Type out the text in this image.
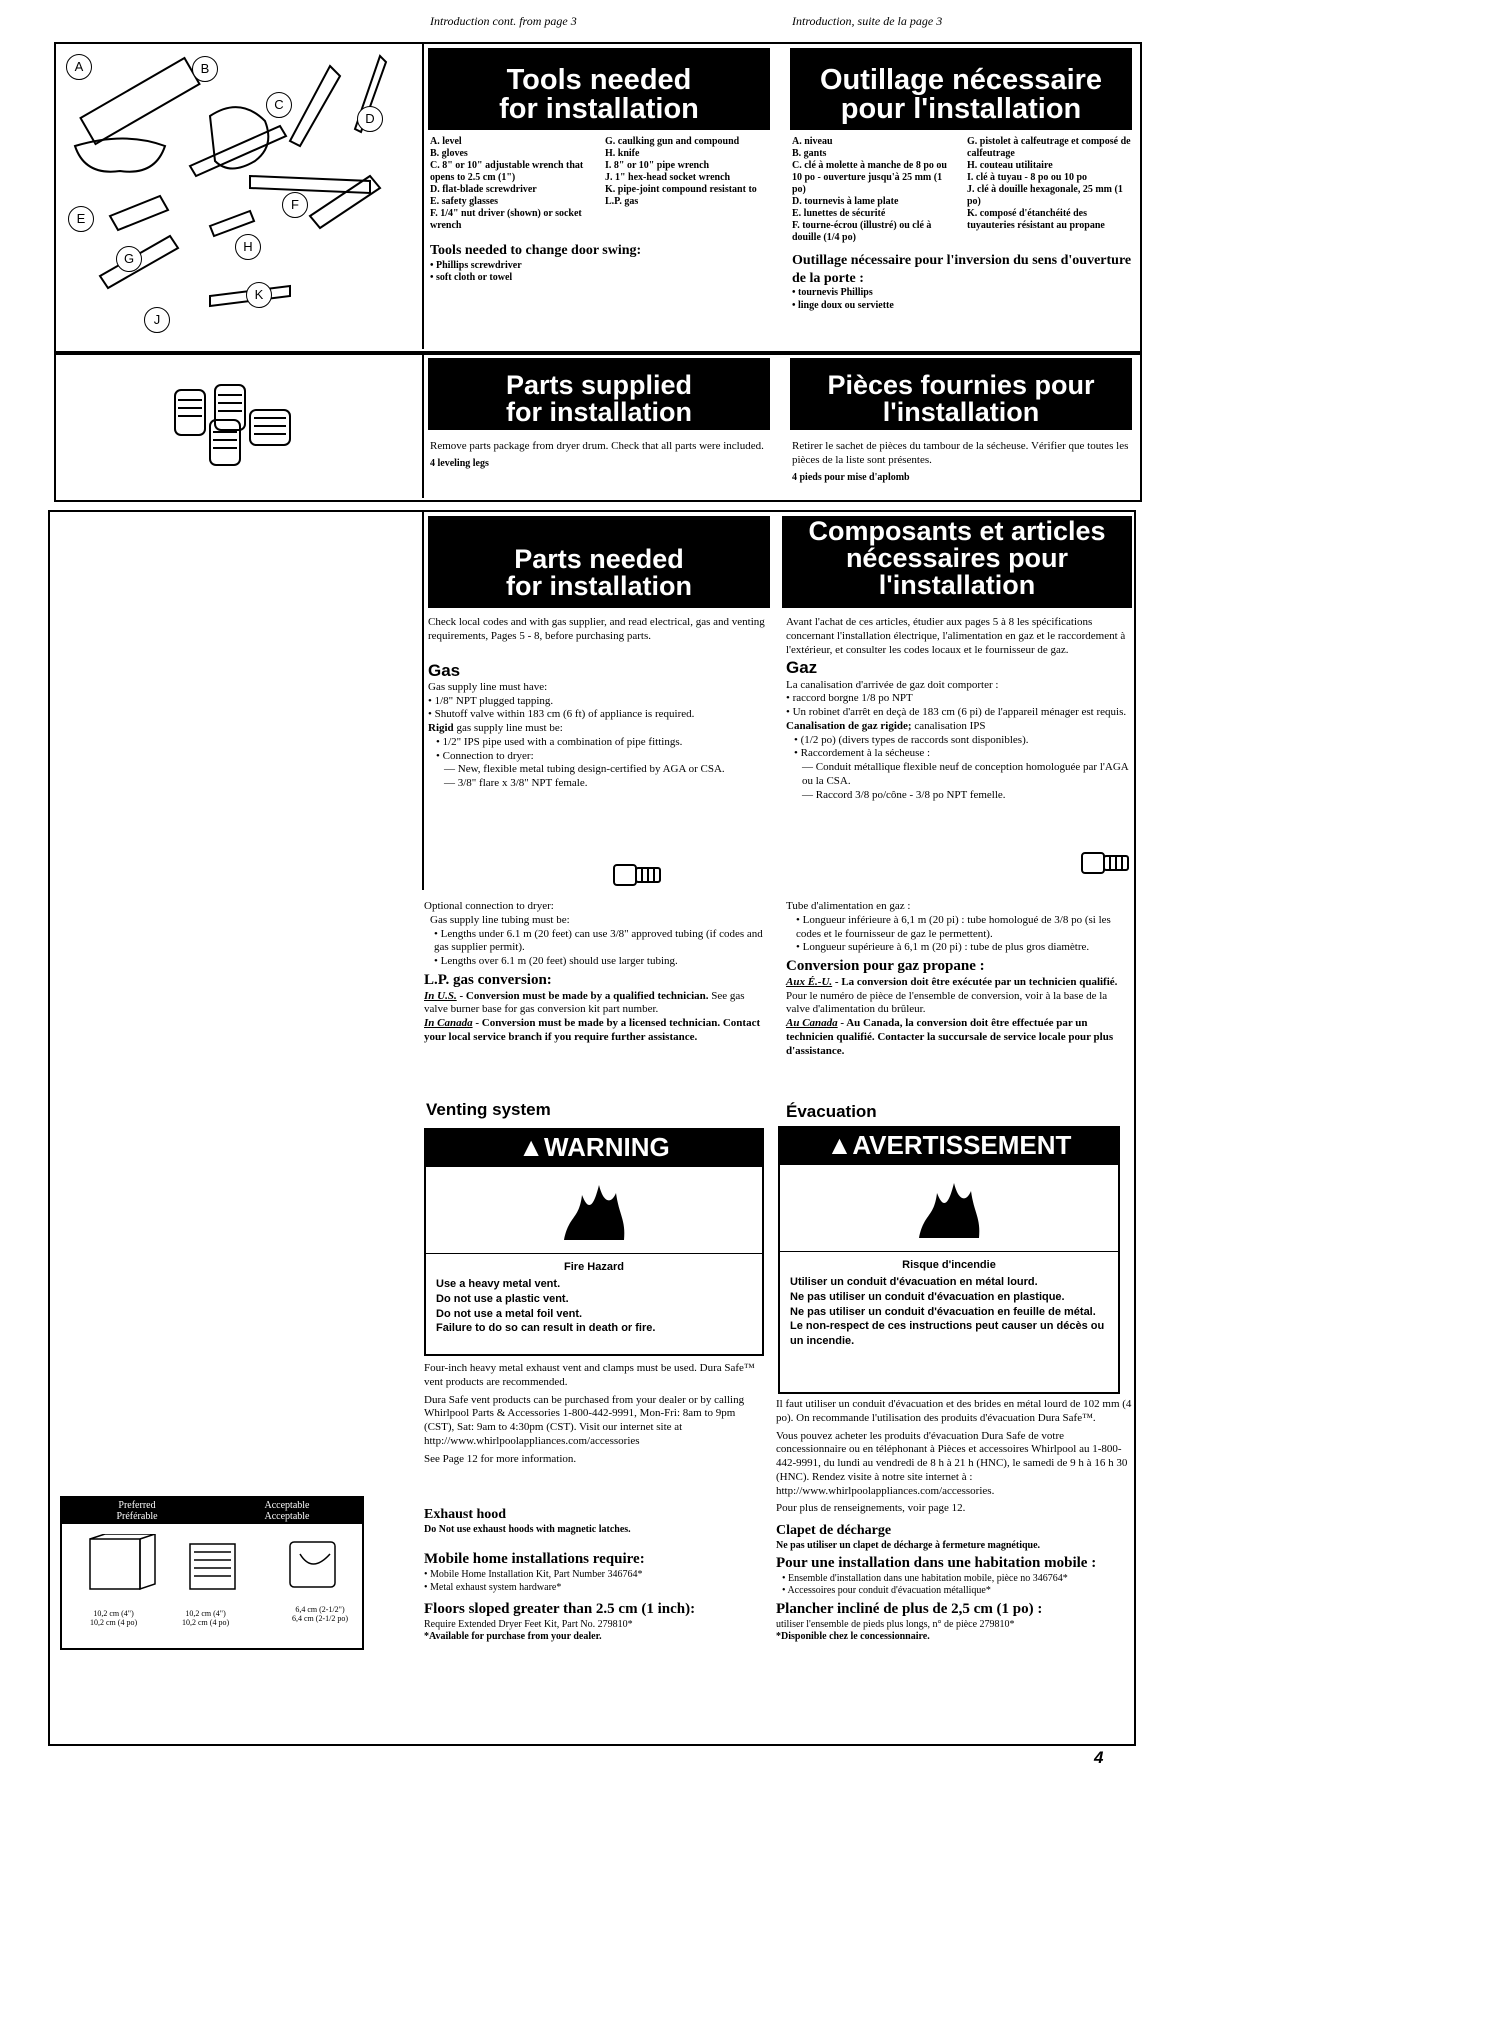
Introduction cont. from page 3	Introduction, suite de la page 3
A	B
C
D
E
F
G
H
J
K
Tools needed
for installation
Outillage nécessaire
pour l'installation
A. level
B. gloves
C. 8" or 10" adjustable wrench that opens to 2.5 cm (1")
D. flat-blade screwdriver
E. safety glasses
F. 1/4" nut driver (shown) or socket wrench
G. caulking gun and compound
H. knife
I. 8" or 10" pipe wrench
J. 1" hex-head socket wrench
K. pipe-joint compound resistant to L.P. gas

Tools needed to change door swing:

• Phillips screwdriver

• soft cloth or towel

A. niveau
B. gants
C. clé à molette à manche de 8 po ou 10 po - ouverture jusqu'à 25 mm (1 po)
D. tournevis à lame plate
E. lunettes de sécurité
F. tourne-écrou (illustré) ou clé à douille (1/4 po)
G. pistolet à calfeutrage et composé de calfeutrage
H. couteau utilitaire
I. clé à tuyau - 8 po ou 10 po
J. clé à douille hexagonale, 25 mm (1 po)
K. composé d'étanchéité des tuyauteries résistant au propane

Outillage nécessaire pour l'inversion du sens d'ouverture de la porte :

• tournevis Phillips

• linge doux ou serviette

Parts supplied
for installation
Pièces fournies pour
l'installation

Remove parts package from dryer drum. Check that all parts were included.

4 leveling legs

Retirer le sachet de pièces du tambour de la sécheuse. Vérifier que toutes les pièces de la liste sont présentes.

4 pieds pour mise d'aplomb

Parts needed
for installation
Composants et articles
nécessaires pour
l'installation

Check local codes and with gas supplier, and read electrical, gas and venting requirements, Pages 5 - 8, before purchasing parts.

Gas

Gas supply line must have:

• 1/8" NPT plugged tapping.

• Shutoff valve within 183 cm (6 ft) of appliance is required.

Rigid gas supply line must be:

• 1/2" IPS pipe used with a combination of pipe fittings.

• Connection to dryer:

— New, flexible metal tubing design-certified by AGA or CSA.

— 3/8" flare x 3/8" NPT female.

Avant l'achat de ces articles, étudier aux pages 5 à 8 les spécifications concernant l'installation électrique, l'alimentation en gaz et le raccordement à l'extérieur, et consulter les codes locaux et le fournisseur de gaz.

Gaz

La canalisation d'arrivée de gaz doit comporter :

• raccord borgne 1/8 po NPT

• Un robinet d'arrêt en deçà de 183 cm (6 pi) de l'appareil ménager est requis.

Canalisation de gaz rigide; canalisation IPS

• (1/2 po) (divers types de raccords sont disponibles).

• Raccordement à la sécheuse :

— Conduit métallique flexible neuf de conception homologuée par l'AGA ou la CSA.

— Raccord 3/8 po/cône - 3/8 po NPT femelle.

Optional connection to dryer:

Gas supply line tubing must be:

• Lengths under 6.1 m (20 feet) can use 3/8" approved tubing (if codes and gas supplier permit).

• Lengths over 6.1 m (20 feet) should use larger tubing.

L.P. gas conversion:

In U.S. - Conversion must be made by a qualified technician. See gas valve burner base for gas conversion kit part number.

In Canada - Conversion must be made by a licensed technician. Contact your local service branch if you require further assistance.

Tube d'alimentation en gaz :

• Longueur inférieure à 6,1 m (20 pi) : tube homologué de 3/8 po (si les codes et le fournisseur de gaz le permettent).

• Longueur supérieure à 6,1 m (20 pi) : tube de plus gros diamètre.

Conversion pour gaz propane :

Aux É.-U. - La conversion doit être exécutée par un technicien qualifié. Pour le numéro de pièce de l'ensemble de conversion, voir à la base de la valve d'alimentation du brûleur.

Au Canada - Au Canada, la conversion doit être effectuée par un technicien qualifié. Contacter la succursale de service locale pour plus d'assistance.

Venting system	Évacuation

▲WARNING
Fire Hazard
Use a heavy metal vent.
Do not use a plastic vent.
Do not use a metal foil vent.
Failure to do so can result in death or fire.
▲AVERTISSEMENT
Risque d'incendie
Utiliser un conduit d'évacuation en métal lourd.
Ne pas utiliser un conduit d'évacuation en plastique.
Ne pas utiliser un conduit d'évacuation en feuille de métal.
Le non-respect de ces instructions peut causer un décès ou un incendie.

Four-inch heavy metal exhaust vent and clamps must be used. Dura Safe™ vent products are recommended.

Dura Safe vent products can be purchased from your dealer or by calling Whirlpool Parts & Accessories 1-800-442-9991, Mon-Fri: 8am to 9pm (CST), Sat: 9am to 4:30pm (CST). Visit our internet site at http://www.whirlpoolappliances.com/accessories

See Page 12 for more information.

Exhaust hood

Do Not use exhaust hoods with magnetic latches.

Mobile home installations require:

• Mobile Home Installation Kit, Part Number 346764*

• Metal exhaust system hardware*

Floors sloped greater than 2.5 cm (1 inch):

Require Extended Dryer Feet Kit, Part No. 279810*

*Available for purchase from your dealer.

Il faut utiliser un conduit d'évacuation et des brides en métal lourd de 102 mm (4 po). On recommande l'utilisation des produits d'évacuation Dura Safe™.

Vous pouvez acheter les produits d'évacuation Dura Safe de votre concessionnaire ou en téléphonant à Pièces et accessoires Whirlpool au 1-800-442-9991, du lundi au vendredi de 8 h à 21 h (HNC), le samedi de 9 h à 16 h 30 (HNC). Rendez visite à notre site internet à : http://www.whirlpoolappliances.com/accessories.

Pour plus de renseignements, voir page 12.

Clapet de décharge

Ne pas utiliser un clapet de décharge à fermeture magnétique.

Pour une installation dans une habitation mobile :

• Ensemble d'installation dans une habitation mobile, pièce no 346764*

• Accessoires pour conduit d'évacuation métallique*

Plancher incliné de plus de 2,5 cm (1 po) :

utiliser l'ensemble de pieds plus longs, n° de pièce 279810*

*Disponible chez le concessionnaire.

Preferred
Préférable
Acceptable
Acceptable
10,2 cm (4")
10,2 cm (4 po)
10,2 cm (4")
10,2 cm (4 po)
6,4 cm (2-1/2")
6,4 cm (2-1/2 po)
4
